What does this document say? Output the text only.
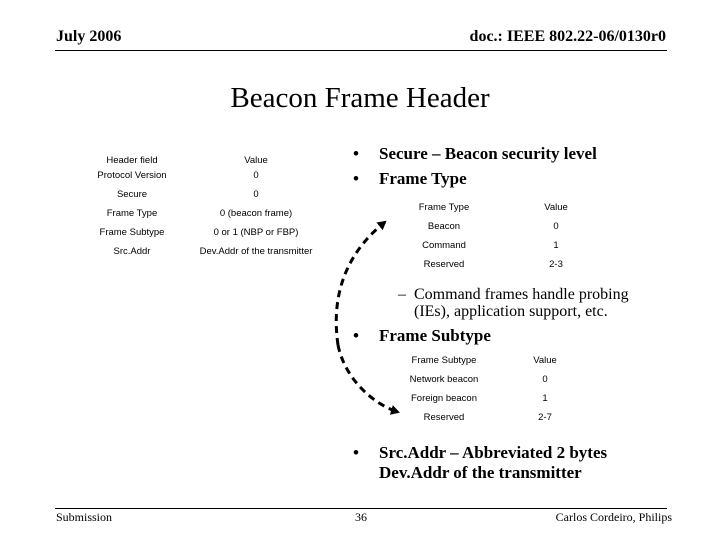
July 2006	doc.: IEEE 802.22-06/0130r0
Beacon Frame Header
Header field	Value
Protocol Version	0
Secure	0
Frame Type	0 (beacon frame)
Frame Subtype	0 or 1 (NBP or FBP)
Src.Addr	Dev.Addr of the transmitter
• Secure – Beacon security level
• Frame Type
Frame Type	Value
Beacon	0
Command	1
Reserved	2-3
– Command frames handle probing (IEs), application support, etc.
• Frame Subtype
Frame Subtype	Value
Network beacon	0
Foreign beacon	1
Reserved	2-7
• Src.Addr – Abbreviated 2 bytes Dev.Addr of the transmitter
Submission	36	Carlos Cordeiro, Philips
